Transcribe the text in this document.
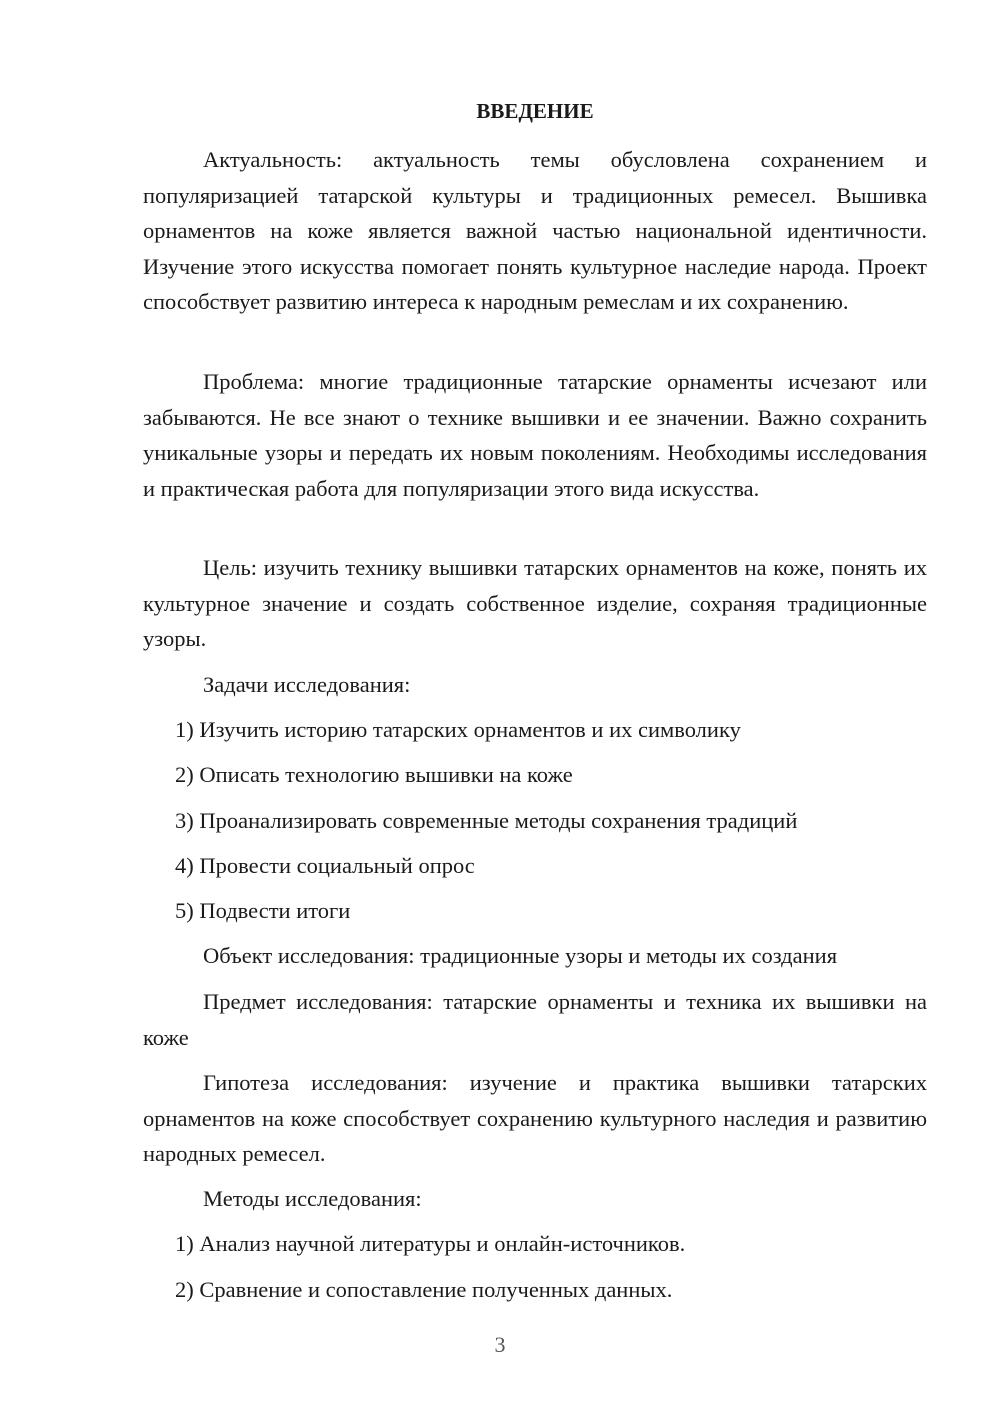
ВВЕДЕНИЕ

Актуальность: актуальность темы обусловлена сохранением и популяризацией татарской культуры и традиционных ремесел. Вышивка орнаментов на коже является важной частью национальной идентичности. Изучение этого искусства помогает понять культурное наследие народа. Проект способствует развитию интереса к народным ремеслам и их сохранению.

Проблема: многие традиционные татарские орнаменты исчезают или забываются. Не все знают о технике вышивки и ее значении. Важно сохранить уникальные узоры и передать их новым поколениям. Необходимы исследования и практическая работа для популяризации этого вида искусства.

Цель: изучить технику вышивки татарских орнаментов на коже, понять их культурное значение и создать собственное изделие, сохраняя традиционные узоры.

Задачи исследования:

1) Изучить историю татарских орнаментов и их символику

2) Описать технологию вышивки на коже

3) Проанализировать современные методы сохранения традиций

4) Провести социальный опрос

5) Подвести итоги

Объект исследования: традиционные узоры и методы их создания

Предмет исследования: татарские орнаменты и техника их вышивки на коже

Гипотеза исследования: изучение и практика вышивки татарских орнаментов на коже способствует сохранению культурного наследия и развитию народных ремесел.

Методы исследования:

1) Анализ научной литературы и онлайн-источников.

2) Сравнение и сопоставление полученных данных.

3
